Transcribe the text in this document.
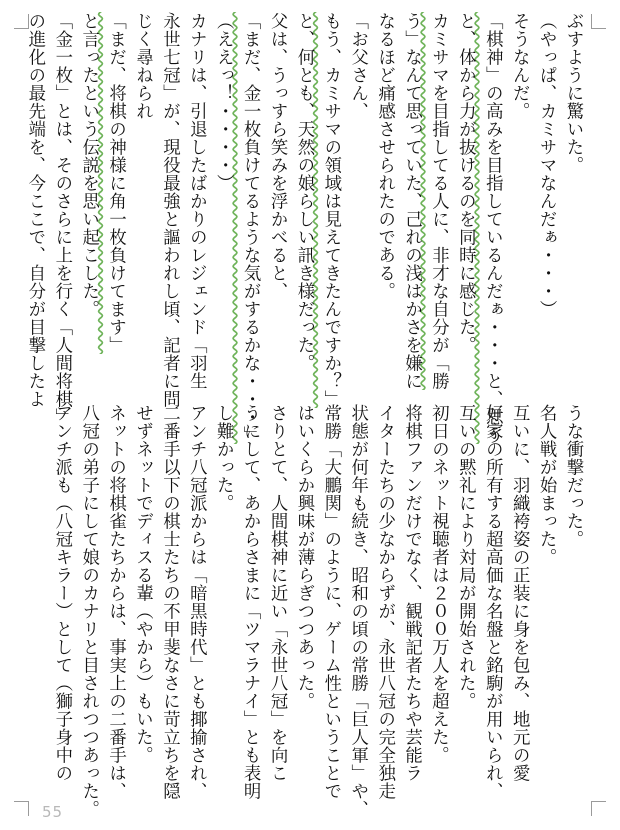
ぶすように驚いた。
（やっぱ、カミサマなんだぁ・・・）
そうなんだ。
「棋神」の高みを目指しているんだぁ・・・と、思う
と、体から力が抜けるのを同時に感じた。
カミサマを目指してる人に、非才な自分が「勝
う」なんて思っていた、己れの浅はかさを嫌に
なるほど痛感させられたのである。
「お父さん、
もう、カミサマの領域は見えてきたんですか？」
と、何とも、天然の娘らしい訊き様だった。
父は、うっすら笑みを浮かべると、
「まだ、金一枚負けてるような気がするかな・・・」
（ええっ！・・・・）
カナリは、引退したばかりのレジェンド「羽生
永世七冠」が、現役最強と謳われし頃、記者に問
じく尋ねられ
「まだ、将棋の神様に角一枚負けてます」
と言ったという伝説を思い起こした。
「金一枚」とは、そのさらに上を行く「人間将棋」
の進化の最先端を、今ここで、自分が目撃したよ
うな衝撃だった。
名人戦が始まった。
互いに、羽織袴姿の正装に身を包み、地元の愛
好家の所有する超高価な名盤と銘駒が用いられ、
互いの黙礼により対局が開始された。
初日のネット視聴者は２００万人を超えた。
将棋ファンだけでなく、観戦記者たちや芸能ラ
イターたちの少なからずが、永世八冠の完全独走
状態が何年も続き、昭和の頃の常勝「巨人軍」や、
常勝「大鵬関」のように、ゲーム性ということで
はいくらか興味が薄らぎつつあった。
さりとて、人間棋神に近い「永世八冠」を向こ
うにして、あからさまに「ツマラナイ」とも表明
し難かった。
アンチ八冠派からは「暗黒時代」とも揶揄され、
二番手以下の棋士たちの不甲斐なさに苛立ちを隠
せずネットでディスる輩（やから）もいた。
ネットの将棋雀たちからは、事実上の二番手は、
八冠の弟子にして娘のカナリと目されつつあった。
アンチ派も（八冠キラー）として（獅子身中の
55
